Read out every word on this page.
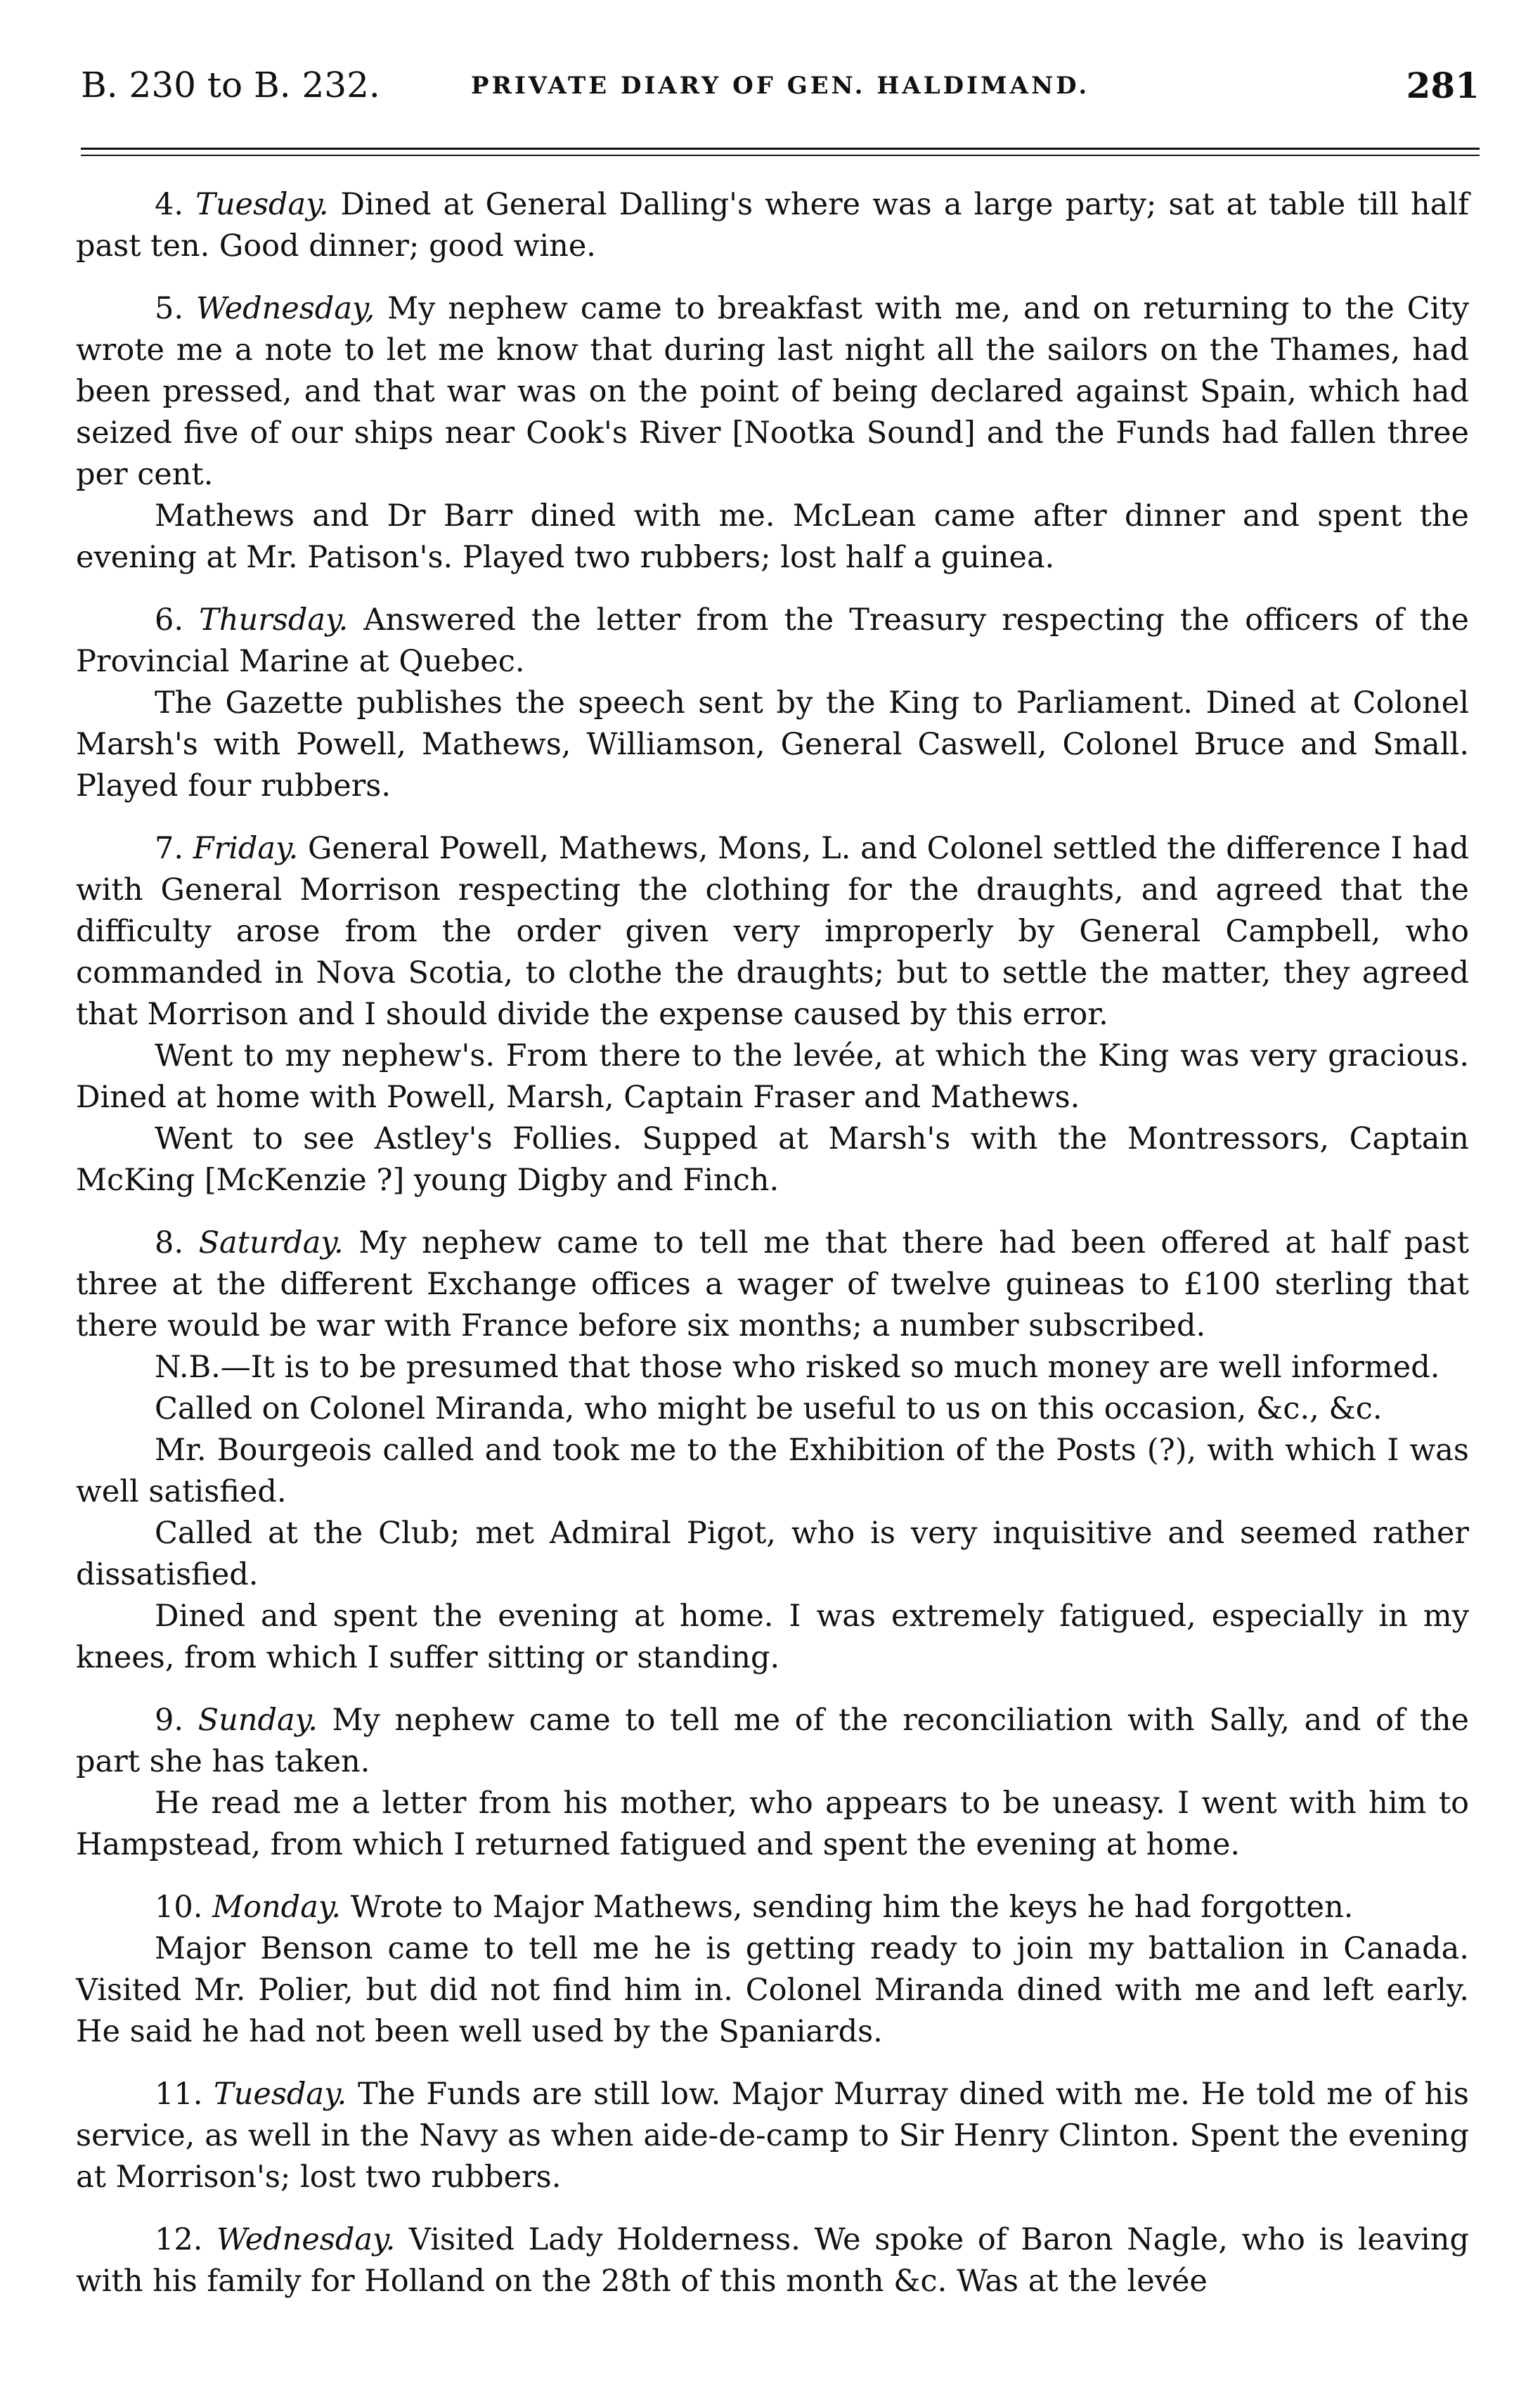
B. 230 to B. 232.	PRIVATE DIARY OF GEN. HALDIMAND.	281

4. Tuesday. Dined at General Dalling's where was a large party; sat at table till half past ten. Good dinner; good wine.

5. Wednesday, My nephew came to breakfast with me, and on returning to the City wrote me a note to let me know that during last night all the sailors on the Thames, had been pressed, and that war was on the point of being declared against Spain, which had seized five of our ships near Cook's River [Nootka Sound] and the Funds had fallen three per cent.

Mathews and Dr Barr dined with me. McLean came after dinner and spent the evening at Mr. Patison's. Played two rubbers; lost half a guinea.

6. Thursday. Answered the letter from the Treasury respecting the officers of the Provincial Marine at Quebec.

The Gazette publishes the speech sent by the King to Parliament. Dined at Colonel Marsh's with Powell, Mathews, Williamson, General Caswell, Colonel Bruce and Small. Played four rubbers.

7. Friday. General Powell, Mathews, Mons, L. and Colonel settled the difference I had with General Morrison respecting the clothing for the draughts, and agreed that the difficulty arose from the order given very improperly by General Campbell, who commanded in Nova Scotia, to clothe the draughts; but to settle the matter, they agreed that Morrison and I should divide the expense caused by this error.

Went to my nephew's. From there to the levée, at which the King was very gracious. Dined at home with Powell, Marsh, Captain Fraser and Mathews.

Went to see Astley's Follies. Supped at Marsh's with the Montressors, Captain McKing [McKenzie ?] young Digby and Finch.

8. Saturday. My nephew came to tell me that there had been offered at half past three at the different Exchange offices a wager of twelve guineas to £100 sterling that there would be war with France before six months; a number subscribed.

N.B.—It is to be presumed that those who risked so much money are well informed.

Called on Colonel Miranda, who might be useful to us on this occasion, &c., &c.

Mr. Bourgeois called and took me to the Exhibition of the Posts (?), with which I was well satisfied.

Called at the Club; met Admiral Pigot, who is very inquisitive and seemed rather dissatisfied.

Dined and spent the evening at home. I was extremely fatigued, especially in my knees, from which I suffer sitting or standing.

9. Sunday. My nephew came to tell me of the reconciliation with Sally, and of the part she has taken.

He read me a letter from his mother, who appears to be uneasy. I went with him to Hampstead, from which I returned fatigued and spent the evening at home.

10. Monday. Wrote to Major Mathews, sending him the keys he had forgotten.

Major Benson came to tell me he is getting ready to join my battalion in Canada. Visited Mr. Polier, but did not find him in. Colonel Miranda dined with me and left early. He said he had not been well used by the Spaniards.

11. Tuesday. The Funds are still low. Major Murray dined with me. He told me of his service, as well in the Navy as when aide-de-camp to Sir Henry Clinton. Spent the evening at Morrison's; lost two rubbers.

12. Wednesday. Visited Lady Holderness. We spoke of Baron Nagle, who is leaving with his family for Holland on the 28th of this month &c. Was at the levée
